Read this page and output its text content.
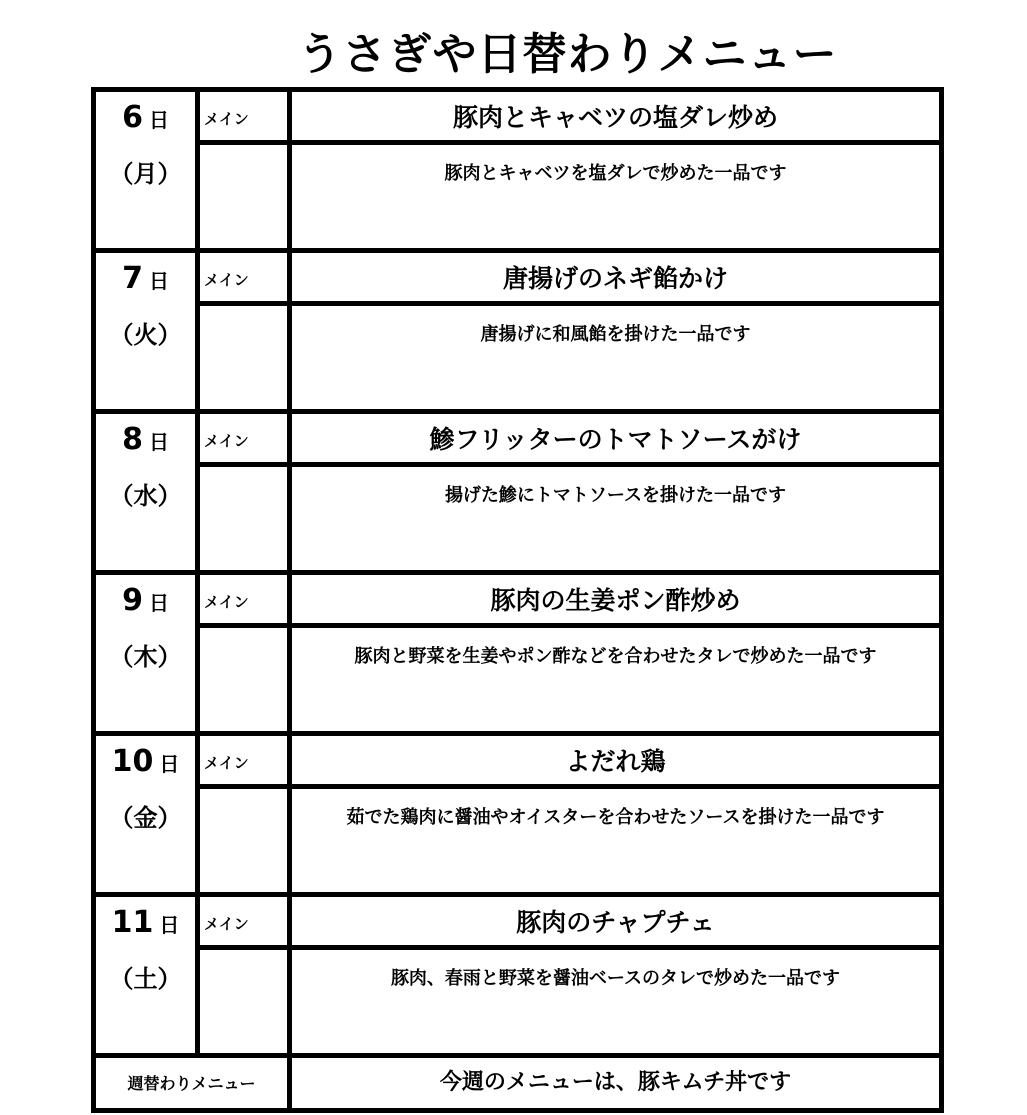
うさぎや日替わりメニュー
6 日
（月）
メイン	豚肉とキャベツの塩ダレ炒め
豚肉とキャベツを塩ダレで炒めた一品です
7 日
（火）
メイン	唐揚げのネギ餡かけ
唐揚げに和風餡を掛けた一品です
8 日
（水）
メイン	鯵フリッターのトマトソースがけ
揚げた鯵にトマトソースを掛けた一品です
9 日
（木）
メイン	豚肉の生姜ポン酢炒め
豚肉と野菜を生姜やポン酢などを合わせたタレで炒めた一品です
10 日
（金）
メイン	よだれ鶏
茹でた鶏肉に醤油やオイスターを合わせたソースを掛けた一品です
11 日
（土）
メイン	豚肉のチャプチェ
豚肉、春雨と野菜を醤油ベースのタレで炒めた一品です
週替わりメニュー	今週のメニューは、豚キムチ丼です
